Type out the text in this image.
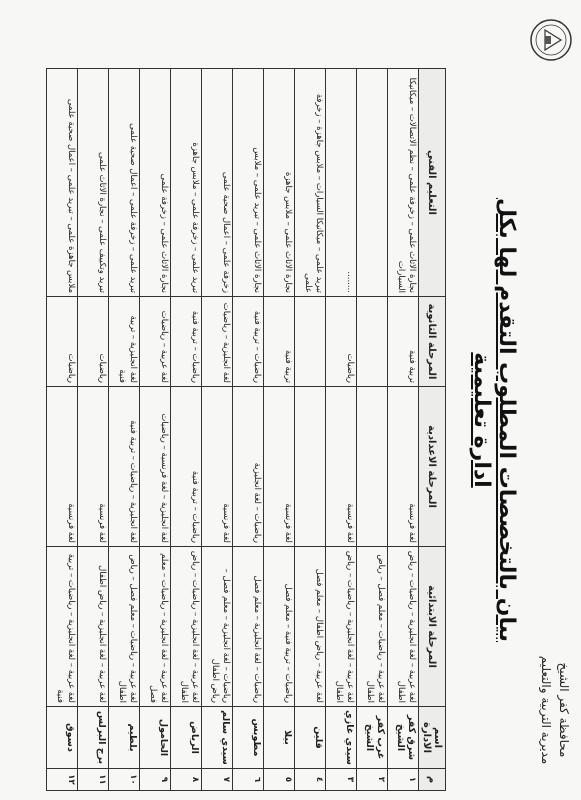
محافظة كفر الشيخ
مديرية التربية والتعليم
بيان بالتخصصات المطلوب التقدم لها بكل ادارة تعليمية
م	اسم الادارة	المرحلة الابتدائية	المرحلة الاعدادية	المرحلة الثانوية	التعليم الفني
١	شرق كفر الشيخ	لغة عربية – لغة انجليزية – رياضيات – رياض اطفال	لغة فرنسية	تربية فنية	نجارة الاثاث علمى – زخرفة علمى – نظم الاتصالات – ميكانيكا السيارات
٢	غرب كفر الشيخ	لغة عربية – رياضيات – معلم فصل – رياض اطفال			
٣	سيدي غازي	لغة عربية – لغة انجليزية – رياضيات – رياض اطفال	لغة فرنسية	رياضيات	........
٤	قلين	لغة عربية – رياض اطفال – معلم فصل			تبريد علمى – ميكانيكا السيارات – ملابس جاهزة – زخرفة علمى
٥	بيلا	رياضيات – تربية فنية – معلم فصل	لغة فرنسية	تربية فنية	نجارة الاثاث علمى – ملابس جاهزة
٦	مطوبس	رياضيات – لغة انجليزية – معلم فصل	رياضيات – لغة انجليزية	رياضيات – تربية فنية	نجارة الاثاث علمى – تبريد علمى – ملابس
٧	سيدي سالم	رياضيات – لغة انجليزية – معلم فصل – رياض اطفال	لغة فرنسية	لغة انجليزية – رياضيات	زخرفة علمى – اعمال صحية علمى
٨	الرياض	لغة عربية – لغة انجليزية – رياضيات – رياض اطفال	رياضيات – تربية فنية	رياضيات – تربية فنية	تبريد علمى – زخرفة علمى – ملابس جاهزة
٩	الحامول	لغة عربية – لغة انجليزية – رياضيات – معلم فصل	لغة انجليزية – لغة فرنسية – رياضيات	لغة عربية – رياضيات	نجارة الاثاث علمى – زخرفة علمى
١٠	بلطيم	لغة عربية – رياضيات – معلم فصل – رياض اطفال	لغة انجليزية – رياضيات – تربية فنية	لغة انجليزية – تربية فنية	تبريد علمى – زخرفة علمى – اعمال صحية علمى
١١	برج البرلس	لغة عربية – لغة انجليزية – رياض اطفال	لغة فرنسية	رياضيات	تبريد وتكييف علمى – نجارة الاثاث علمى
١٢	دسوق	لغة عربية – لغة انجليزية – رياضيات – تربية فنية	لغة فرنسية	رياضيات	ملابس جاهزة علمى – تبريد علمى – اعمال صحية علمى
